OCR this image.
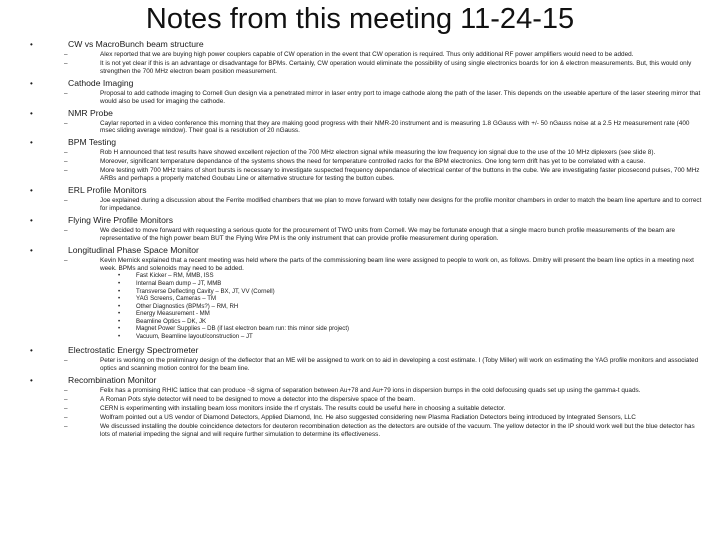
Notes from this meeting 11-24-15
•	CW vs MacroBunch beam structure
–	Alex reported that we are buying high power couplers capable of CW operation in the event that CW operation is required. Thus only additional RF power amplifiers would need to be added.
–	It is not yet clear if this is an advantage or disadvantage for BPMs. Certainly, CW operation would eliminate the possibility of using single electronics boards for ion & electron measurements. But, this would only strengthen the 700 MHz electron beam position measurement.
•	Cathode Imaging
–	Proposal to add cathode imaging to Cornell Gun design via a penetrated mirror in laser entry port to image cathode along the path of the laser. This depends on the useable aperture of the laser steering mirror that would also be used for imaging the cathode.
•	NMR Probe
–	Caylar reported in a video conference this morning that they are making good progress with their NMR-20 instrument and is measuring 1.8 GGauss with +/- 50 nGauss noise at a 2.5 Hz measurement rate (400 msec sliding average window). Their goal is a resolution of 20 nGauss.
•	BPM Testing
–	Rob H announced that test results have showed excellent rejection of the 700 MHz electron signal while measuring the low frequency ion signal due to the use of the 10 MHz diplexers (see slide 8).
–	Moreover, significant temperature dependance of the systems shows the need for temperature controlled racks for the BPM electronics. One long term drift has yet to be correlated with a cause.
–	More testing with 700 MHz trains of short bursts is necessary to investigate suspected frequency dependance of electrical center of the buttons in the cube. We are investigating faster picosecond pulses, 700 MHz ARBs and perhaps a properly matched Goubau Line or alternative structure for testing the button cubes.
•	ERL Profile Monitors
–	Joe explained during a discussion about the Ferrite modified chambers that we plan to move forward with totally new designs for the profile monitor chambers in order to match the beam line aperture and to correct for impedance.
•	Flying Wire Profile Monitors
–	We decided to move forward with requesting a serious quote for the procurement of TWO units from Cornell. We may be fortunate enough that a single macro bunch profile measurements of the beam are representative of the high power beam BUT the Flying Wire PM is the only instrument that can provide profile measurement during operation.
•	Longitudinal Phase Space Monitor
–	Kevin Mernick explained that a recent meeting was held where the parts of the commissioning beam line were assigned to people to work on, as follows. Dmitry will present the beam line optics in a meeting next week. BPMs and solenoids may need to be added.
•	Fast Kicker – RM, MMB, ISS
•	Internal Beam dump – JT, MMB
•	Transverse Deflecting Cavity – BX, JT, VV (Cornell)
•	YAG Screens, Cameras – TM
•	Other Diagnostics (BPMs?) – RM, RH
•	Energy Measurement - MM
•	Beamline Optics – DK, JK
•	Magnet Power Supplies – DB (if last electron beam run: this minor side project)
•	Vacuum, Beamline layout/construction – JT
•	Electrostatic Energy Spectrometer
–	Peter is working on the preliminary design of the deflector that an ME will be assigned to work on to aid in developing a cost estimate. I (Toby Miller) will work on estimating the YAG profile monitors and associated optics and scanning motion control for the beam line.
•	Recombination Monitor
–	Felix has a promising RHIC lattice that can produce ~8 sigma of separation between Au+78 and Au+79 ions in dispersion bumps in the cold defocusing quads set up using the gamma-t quads.
–	A Roman Pots style detector will need to be designed to move a detector into the dispersive space of the beam.
–	CERN is experimenting with installing beam loss monitors inside the rf crystals. The results could be useful here in choosing a suitable detector.
–	Wolfram pointed out a US vendor of Diamond Detectors, Applied Diamond, Inc. He also suggested considering new Plasma Radiation Detectors being introduced by Integrated Sensors, LLC
–	We discussed installing the double coincidence detectors for deuteron recombination detection as the detectors are outside of the vacuum. The yellow detector in the IP should work well but the blue detector has lots of material impeding the signal and will require further simulation to determine its effectiveness.
